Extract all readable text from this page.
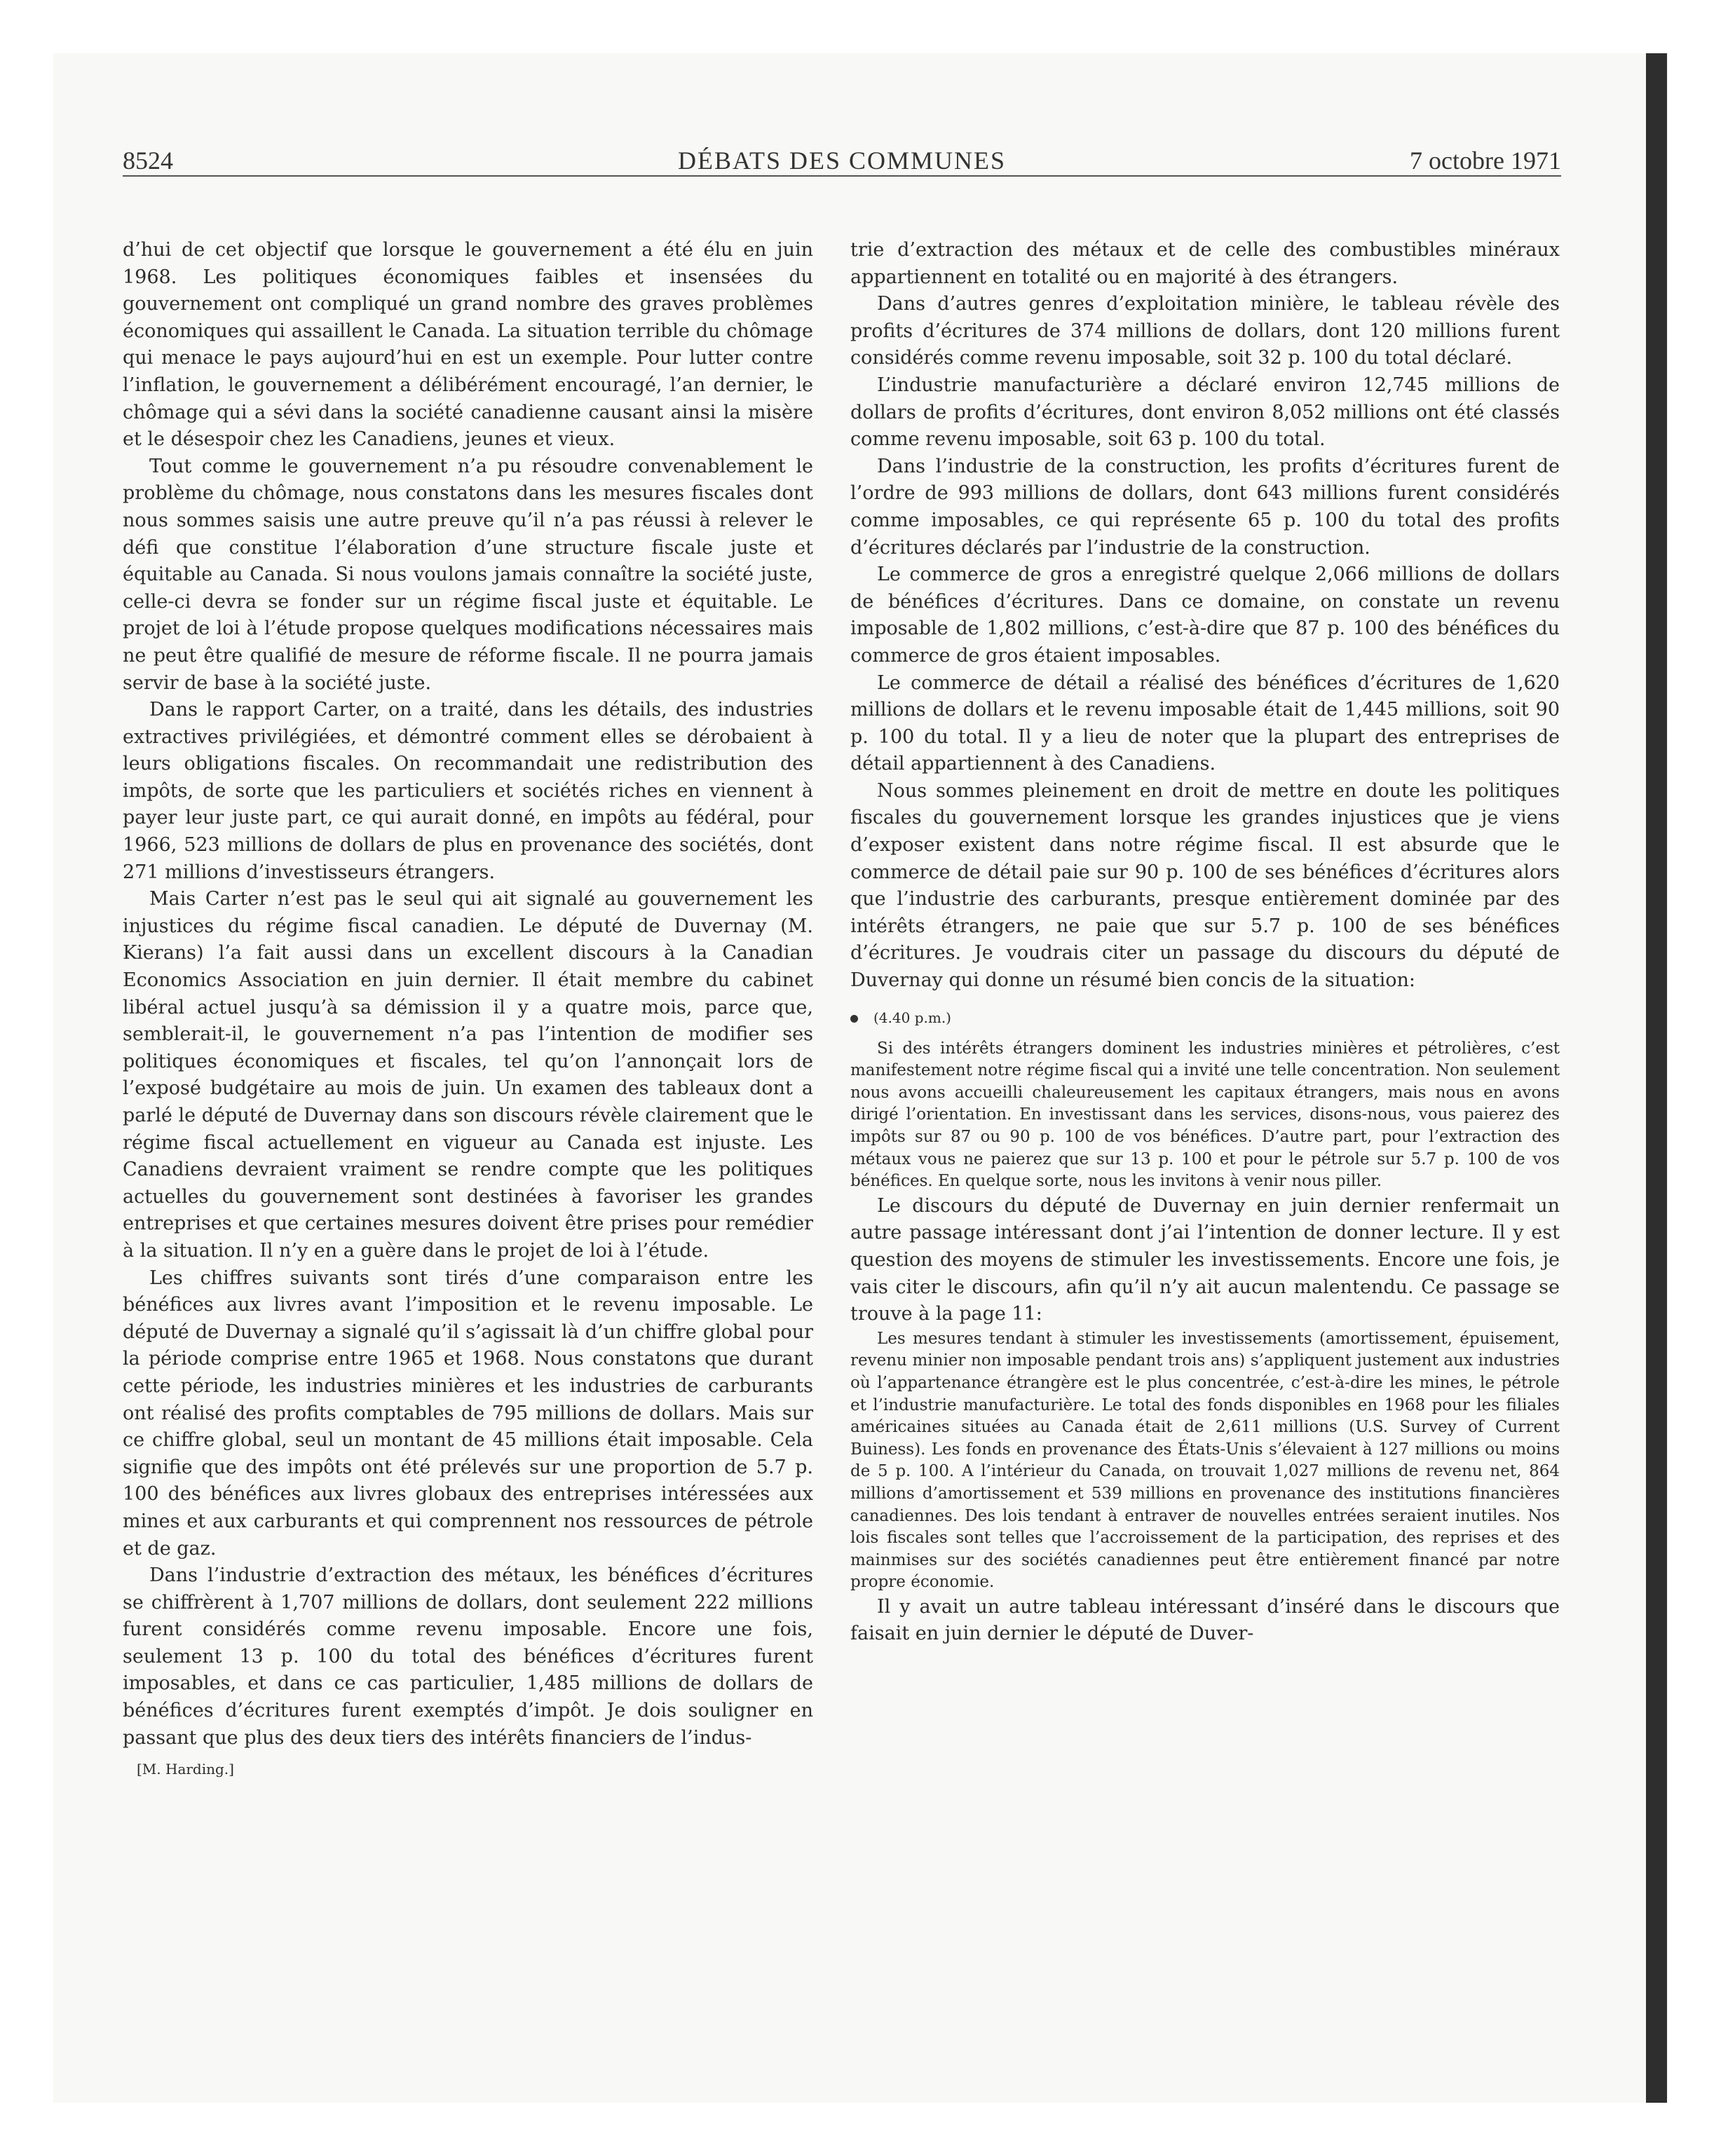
8524	DÉBATS DES COMMUNES	7 octobre 1971

d’hui de cet objectif que lorsque le gouvernement a été élu en juin 1968. Les politiques économiques faibles et insensées du gouvernement ont compliqué un grand nombre des graves problèmes économiques qui assaillent le Canada. La situation terrible du chômage qui menace le pays aujourd’hui en est un exemple. Pour lutter contre l’inflation, le gouvernement a délibérément encouragé, l’an dernier, le chômage qui a sévi dans la société canadienne causant ainsi la misère et le désespoir chez les Canadiens, jeunes et vieux.

Tout comme le gouvernement n’a pu résoudre convenablement le problème du chômage, nous constatons dans les mesures fiscales dont nous sommes saisis une autre preuve qu’il n’a pas réussi à relever le défi que constitue l’élaboration d’une structure fiscale juste et équitable au Canada. Si nous voulons jamais connaître la société juste, celle-ci devra se fonder sur un régime fiscal juste et équitable. Le projet de loi à l’étude propose quelques modifications nécessaires mais ne peut être qualifié de mesure de réforme fiscale. Il ne pourra jamais servir de base à la société juste.

Dans le rapport Carter, on a traité, dans les détails, des industries extractives privilégiées, et démontré comment elles se dérobaient à leurs obligations fiscales. On recommandait une redistribution des impôts, de sorte que les particuliers et sociétés riches en viennent à payer leur juste part, ce qui aurait donné, en impôts au fédéral, pour 1966, 523 millions de dollars de plus en provenance des sociétés, dont 271 millions d’investisseurs étrangers.

Mais Carter n’est pas le seul qui ait signalé au gouvernement les injustices du régime fiscal canadien. Le député de Duvernay (M. Kierans) l’a fait aussi dans un excellent discours à la Canadian Economics Association en juin dernier. Il était membre du cabinet libéral actuel jusqu’à sa démission il y a quatre mois, parce que, semblerait-il, le gouvernement n’a pas l’intention de modifier ses politiques économiques et fiscales, tel qu’on l’annonçait lors de l’exposé budgétaire au mois de juin. Un examen des tableaux dont a parlé le député de Duvernay dans son discours révèle clairement que le régime fiscal actuellement en vigueur au Canada est injuste. Les Canadiens devraient vraiment se rendre compte que les politiques actuelles du gouvernement sont destinées à favoriser les grandes entreprises et que certaines mesures doivent être prises pour remédier à la situation. Il n’y en a guère dans le projet de loi à l’étude.

Les chiffres suivants sont tirés d’une comparaison entre les bénéfices aux livres avant l’imposition et le revenu imposable. Le député de Duvernay a signalé qu’il s’agissait là d’un chiffre global pour la période comprise entre 1965 et 1968. Nous constatons que durant cette période, les industries minières et les industries de carburants ont réalisé des profits comptables de 795 millions de dollars. Mais sur ce chiffre global, seul un montant de 45 millions était imposable. Cela signifie que des impôts ont été prélevés sur une proportion de 5.7 p. 100 des bénéfices aux livres globaux des entreprises intéressées aux mines et aux carburants et qui comprennent nos ressources de pétrole et de gaz.

Dans l’industrie d’extraction des métaux, les bénéfices d’écritures se chiffrèrent à 1,707 millions de dollars, dont seulement 222 millions furent considérés comme revenu imposable. Encore une fois, seulement 13 p. 100 du total des bénéfices d’écritures furent imposables, et dans ce cas particulier, 1,485 millions de dollars de bénéfices d’écritures furent exemptés d’impôt. Je dois souligner en passant que plus des deux tiers des intérêts financiers de l’indus-

[M. Harding.]

trie d’extraction des métaux et de celle des combustibles minéraux appartiennent en totalité ou en majorité à des étrangers.

Dans d’autres genres d’exploitation minière, le tableau révèle des profits d’écritures de 374 millions de dollars, dont 120 millions furent considérés comme revenu imposable, soit 32 p. 100 du total déclaré.

L’industrie manufacturière a déclaré environ 12,745 millions de dollars de profits d’écritures, dont environ 8,052 millions ont été classés comme revenu imposable, soit 63 p. 100 du total.

Dans l’industrie de la construction, les profits d’écritures furent de l’ordre de 993 millions de dollars, dont 643 millions furent considérés comme imposables, ce qui représente 65 p. 100 du total des profits d’écritures déclarés par l’industrie de la construction.

Le commerce de gros a enregistré quelque 2,066 millions de dollars de bénéfices d’écritures. Dans ce domaine, on constate un revenu imposable de 1,802 millions, c’est-à-dire que 87 p. 100 des bénéfices du commerce de gros étaient imposables.

Le commerce de détail a réalisé des bénéfices d’écritures de 1,620 millions de dollars et le revenu imposable était de 1,445 millions, soit 90 p. 100 du total. Il y a lieu de noter que la plupart des entreprises de détail appartiennent à des Canadiens.

Nous sommes pleinement en droit de mettre en doute les politiques fiscales du gouvernement lorsque les grandes injustices que je viens d’exposer existent dans notre régime fiscal. Il est absurde que le commerce de détail paie sur 90 p. 100 de ses bénéfices d’écritures alors que l’industrie des carburants, presque entièrement dominée par des intérêts étrangers, ne paie que sur 5.7 p. 100 de ses bénéfices d’écritures. Je voudrais citer un passage du discours du député de Duvernay qui donne un résumé bien concis de la situation:

(4.40 p.m.)

Si des intérêts étrangers dominent les industries minières et pétrolières, c’est manifestement notre régime fiscal qui a invité une telle concentration. Non seulement nous avons accueilli chaleureusement les capitaux étrangers, mais nous en avons dirigé l’orientation. En investissant dans les services, disons-nous, vous paierez des impôts sur 87 ou 90 p. 100 de vos bénéfices. D’autre part, pour l’extraction des métaux vous ne paierez que sur 13 p. 100 et pour le pétrole sur 5.7 p. 100 de vos bénéfices. En quelque sorte, nous les invitons à venir nous piller.

Le discours du député de Duvernay en juin dernier renfermait un autre passage intéressant dont j’ai l’intention de donner lecture. Il y est question des moyens de stimuler les investissements. Encore une fois, je vais citer le discours, afin qu’il n’y ait aucun malentendu. Ce passage se trouve à la page 11:

Les mesures tendant à stimuler les investissements (amortissement, épuisement, revenu minier non imposable pendant trois ans) s’appliquent justement aux industries où l’appartenance étrangère est le plus concentrée, c’est-à-dire les mines, le pétrole et l’industrie manufacturière. Le total des fonds disponibles en 1968 pour les filiales américaines situées au Canada était de 2,611 millions (U.S. Survey of Current Buiness). Les fonds en provenance des États-Unis s’élevaient à 127 millions ou moins de 5 p. 100. A l’intérieur du Canada, on trouvait 1,027 millions de revenu net, 864 millions d’amortissement et 539 millions en provenance des institutions financières canadiennes. Des lois tendant à entraver de nouvelles entrées seraient inutiles. Nos lois fiscales sont telles que l’accroissement de la participation, des reprises et des mainmises sur des sociétés canadiennes peut être entièrement financé par notre propre économie.

Il y avait un autre tableau intéressant d’inséré dans le discours que faisait en juin dernier le député de Duver-
